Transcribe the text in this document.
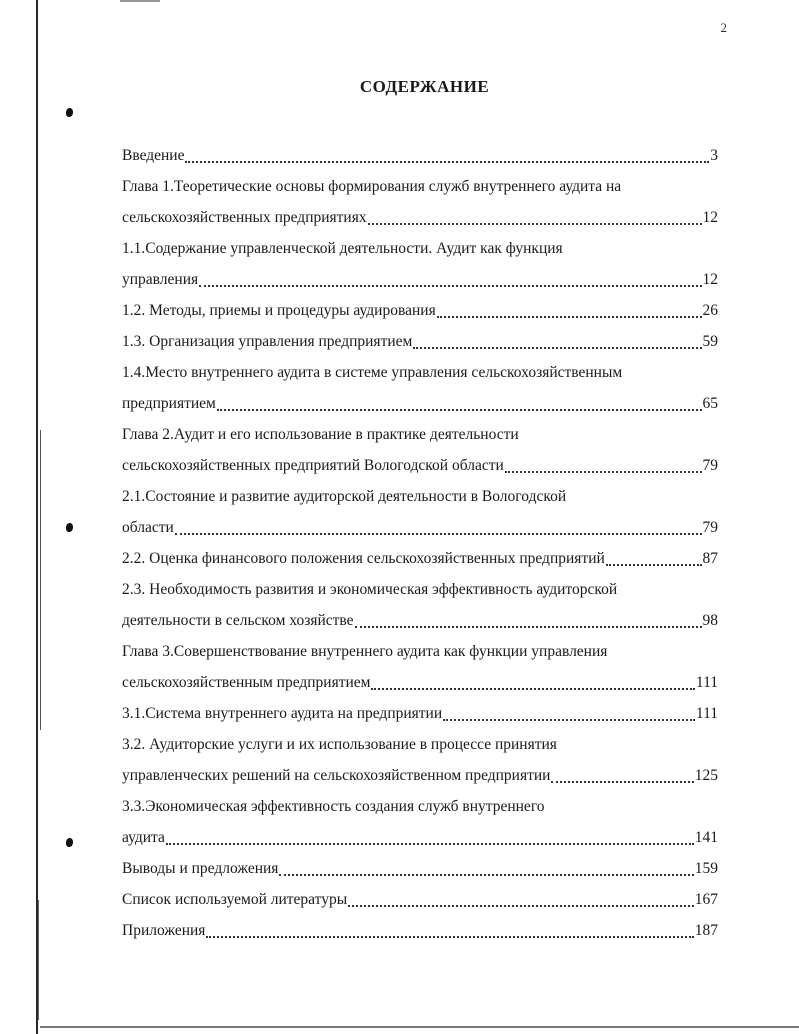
2
СОДЕРЖАНИЕ
Введение	3
Глава 1.Теоретические основы формирования служб внутреннего аудита на
сельскохозяйственных предприятиях	12
1.1.Содержание управленческой деятельности. Аудит как функция
управления	12
1.2. Методы, приемы и процедуры аудирования	26
1.3. Организация управления предприятием	59
1.4.Место внутреннего аудита в системе управления сельскохозяйственным
предприятием	65
Глава 2.Аудит и его использование в практике деятельности
сельскохозяйственных предприятий Вологодской области	79
2.1.Состояние и развитие аудиторской деятельности в Вологодской
области	79
2.2. Оценка финансового положения сельскохозяйственных предприятий	87
2.3. Необходимость развития и экономическая эффективность аудиторской
деятельности в сельском хозяйстве	98
Глава 3.Совершенствование внутреннего аудита как функции управления
сельскохозяйственным предприятием	111
3.1.Система внутреннего аудита на предприятии	111
3.2. Аудиторские услуги и их использование в процессе принятия
управленческих решений на сельскохозяйственном предприятии	125
3.3.Экономическая эффективность создания служб внутреннего
аудита	141
Выводы и предложения	159
Список используемой литературы	167
Приложения	187
